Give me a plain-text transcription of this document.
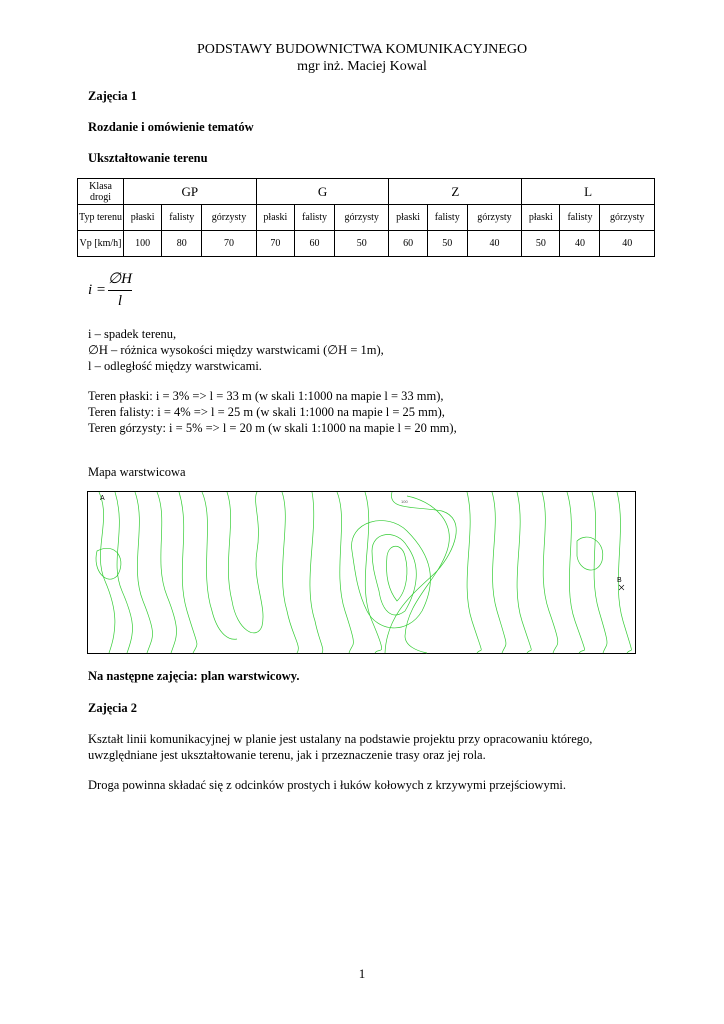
PODSTAWY BUDOWNICTWA KOMUNIKACYJNEGO
mgr inż. Maciej Kowal
Zajęcia 1
Rozdanie i omówienie tematów
Ukształtowanie terenu
Klasa drogi	GP			G			Z			L		
Typ terenu	płaski	falisty	górzysty	płaski	falisty	górzysty	płaski	falisty	górzysty	płaski	falisty	górzysty
Vp [km/h]	100	80	70	70	60	50	60	50	40	50	40	40
i =
∅H
l
i – spadek terenu,
∅H – różnica wysokości między warstwicami (∅H = 1m),
l – odległość między warstwicami.
Teren płaski: i = 3% => l = 33 m (w skali 1:1000 na mapie l = 33 mm),
Teren falisty: i = 4% => l = 25 m (w skali 1:1000 na mapie l = 25 mm),
Teren górzysty: i = 5% => l = 20 m (w skali 1:1000 na mapie l = 20 mm),
Mapa warstwicowa
A
B
100
Na następne zajęcia: plan warstwicowy.
Zajęcia 2
Kształt linii komunikacyjnej w planie jest ustalany na podstawie projektu przy opracowaniu którego,
uwzględniane jest ukształtowanie terenu, jak i przeznaczenie trasy oraz jej rola.
Droga powinna składać się z odcinków prostych i łuków kołowych z krzywymi przejściowymi.
1
